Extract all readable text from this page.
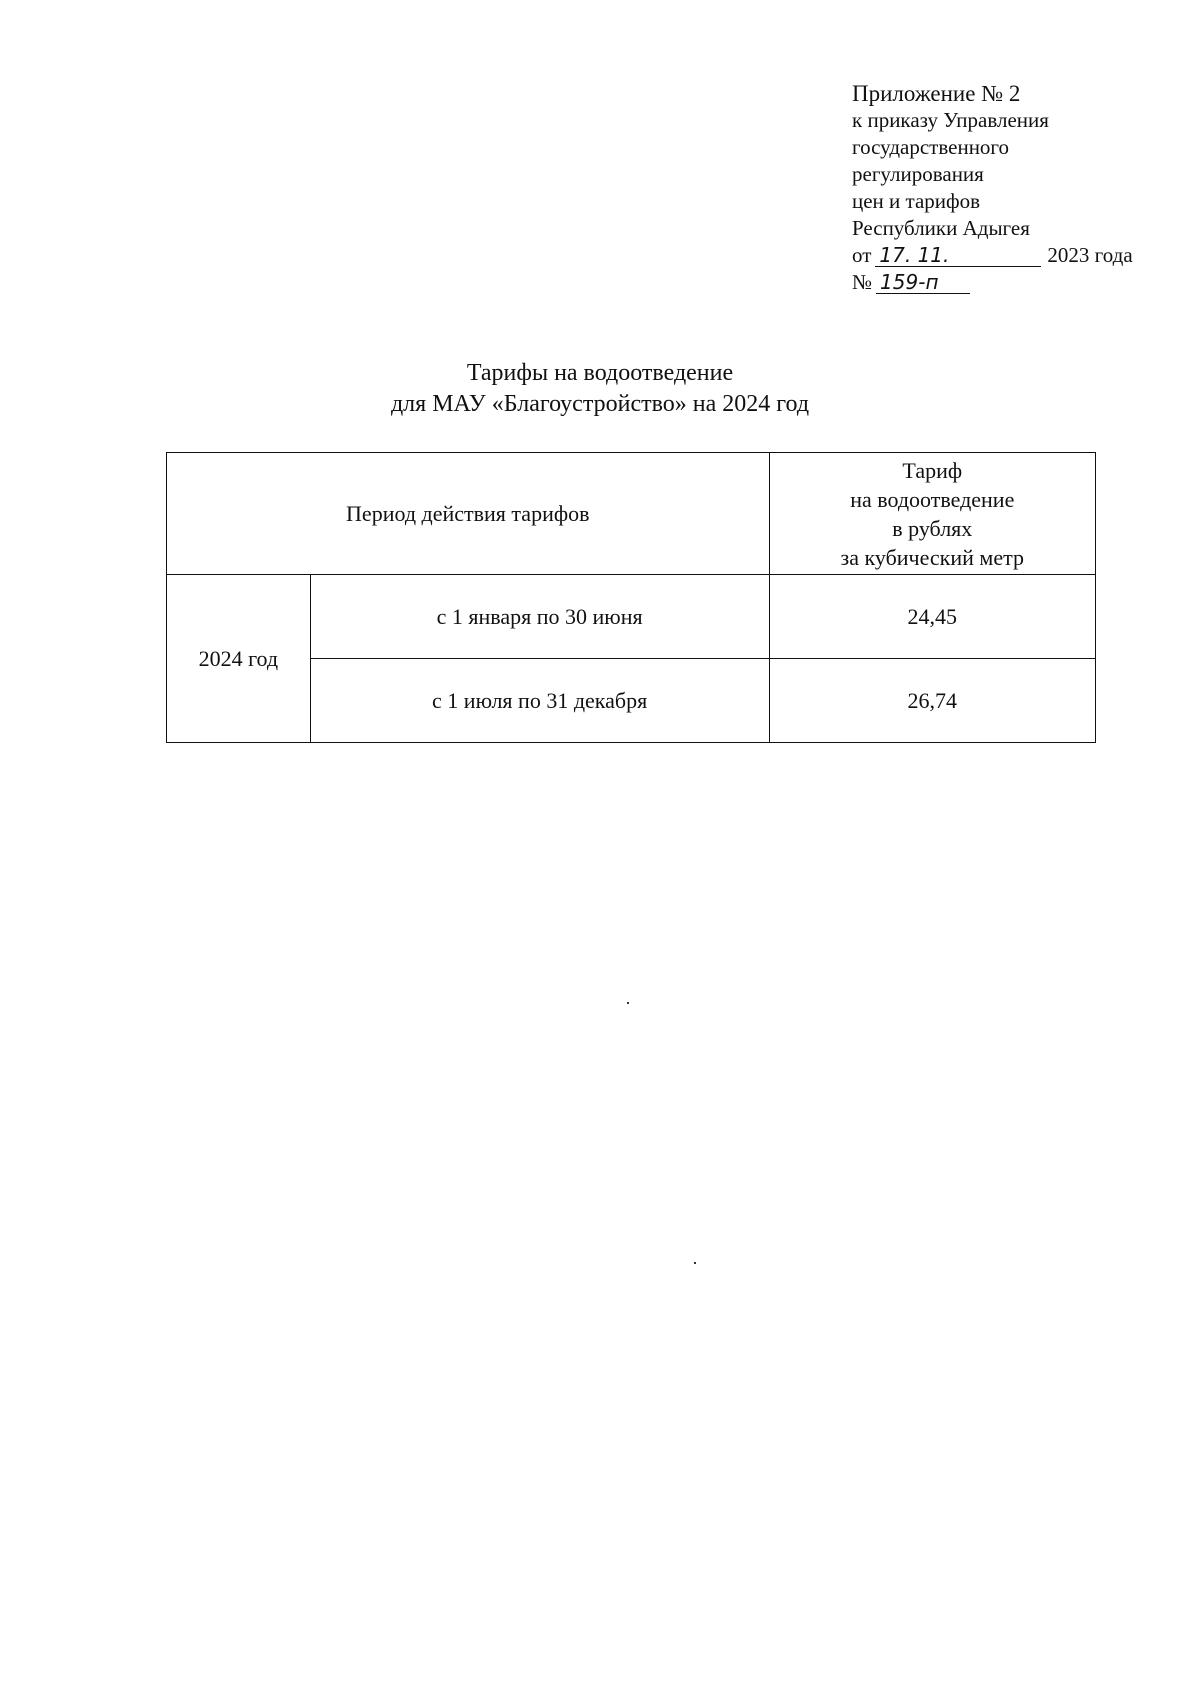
Приложение № 2
к приказу Управления
государственного
регулирования
цен и тарифов
Республики Адыгея
от 17. 11.	2023 года
№ 159-п
Тарифы на водоотведение
для МАУ «Благоустройство» на 2024 год
Период действия тарифов		Тариф
на водоотведение
в рублях
за кубический метр

2024 год	с 1 января по 30 июня	24,45
	с 1 июля по 31 декабря	26,74
